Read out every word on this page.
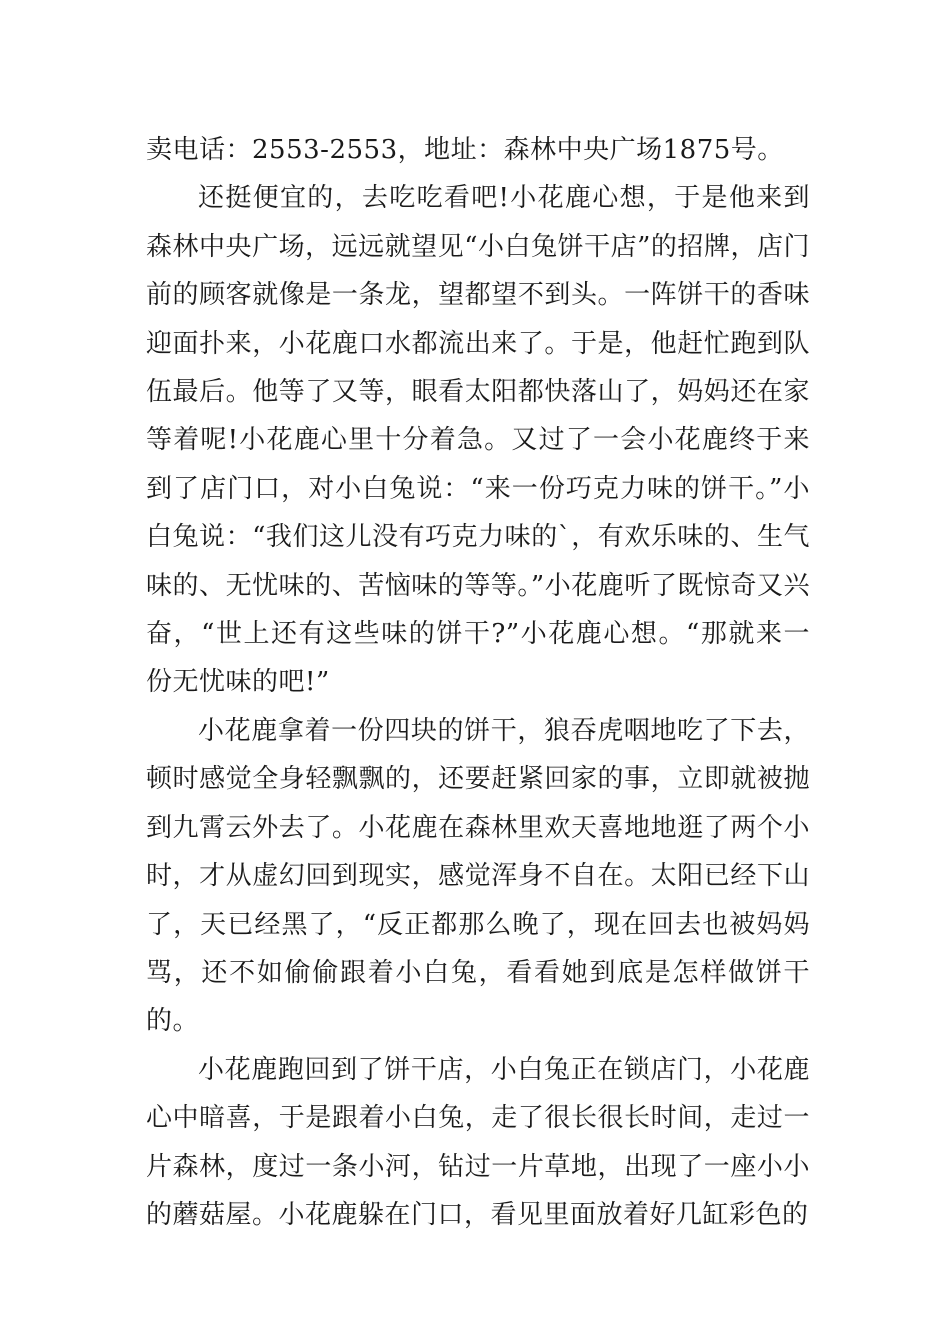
卖电话：2553-2553，地址：森林中央广场1875号。

还挺便宜的，去吃吃看吧!小花鹿心想，于是他来到森林中央广场，远远就望见“小白兔饼干店”的招牌，店门前的顾客就像是一条龙，望都望不到头。一阵饼干的香味迎面扑来，小花鹿口水都流出来了。于是，他赶忙跑到队伍最后。他等了又等，眼看太阳都快落山了，妈妈还在家等着呢!小花鹿心里十分着急。又过了一会小花鹿终于来到了店门口，对小白兔说：“来一份巧克力味的饼干。”小白兔说：“我们这儿没有巧克力味的`，有欢乐味的、生气味的、无忧味的、苦恼味的等等。”小花鹿听了既惊奇又兴奋，“世上还有这些味的饼干?”小花鹿心想。“那就来一份无忧味的吧!”

小花鹿拿着一份四块的饼干，狼吞虎咽地吃了下去，顿时感觉全身轻飘飘的，还要赶紧回家的事，立即就被抛到九霄云外去了。小花鹿在森林里欢天喜地地逛了两个小时，才从虚幻回到现实，感觉浑身不自在。太阳已经下山了，天已经黑了，“反正都那么晚了，现在回去也被妈妈骂，还不如偷偷跟着小白兔，看看她到底是怎样做饼干的。

小花鹿跑回到了饼干店，小白兔正在锁店门，小花鹿心中暗喜，于是跟着小白兔，走了很长很长时间，走过一片森林，度过一条小河，钻过一片草地，出现了一座小小的蘑菇屋。小花鹿躲在门口，看见里面放着好几缸彩色的
